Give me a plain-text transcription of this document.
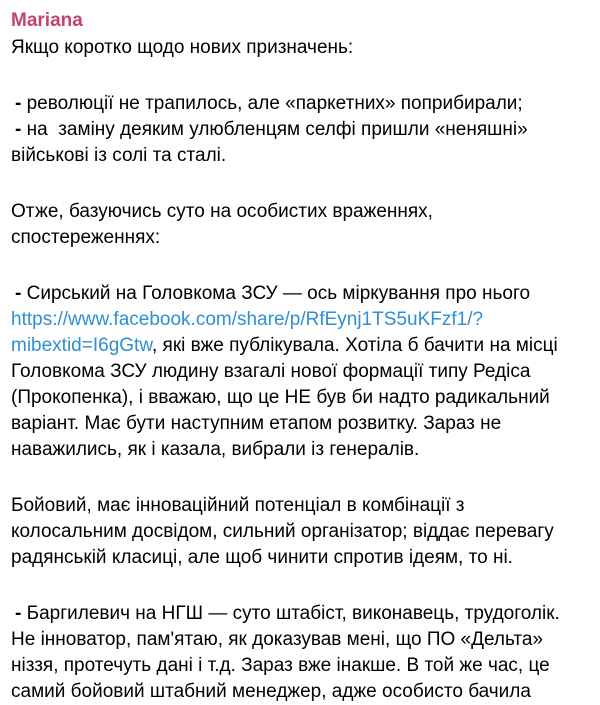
Mariana
Якщо коротко щодо нових призначень:
- революції не трапилось, але «паркетних» поприбирали;
- на  заміну деяким улюбленцям селфі пришли «неняшні»
військові із солі та сталі.
Отже, базуючись суто на особистих враженнях,
спостереженнях:
- Сирський на Головкома ЗСУ — ось міркування про нього
https://www.facebook.com/share/p/RfEynj1TS5uKFzf1/?
mibextid=I6gGtw, які вже публікувала. Хотіла б бачити на місці
Головкома ЗСУ людину взагалі нової формації типу Редіса
(Прокопенка), і вважаю, що це НЕ був би надто радикальний
варіант. Має бути наступним етапом розвитку. Зараз не
наважились, як і казала, вибрали із генералів.
Бойовий, має інноваційний потенціал в комбінації з
колосальним досвідом, сильний організатор; віддає перевагу
радянській класиці, але щоб чинити спротив ідеям, то ні.
- Баргилевич на НГШ — суто штабіст, виконавець, трудоголік.
Не інноватор, пам'ятаю, як доказував мені, що ПО «Дельта»
ніззя, протечуть дані і т.д. Зараз вже інакше. В той же час, це
самий бойовий штабний менеджер, адже особисто бачила
